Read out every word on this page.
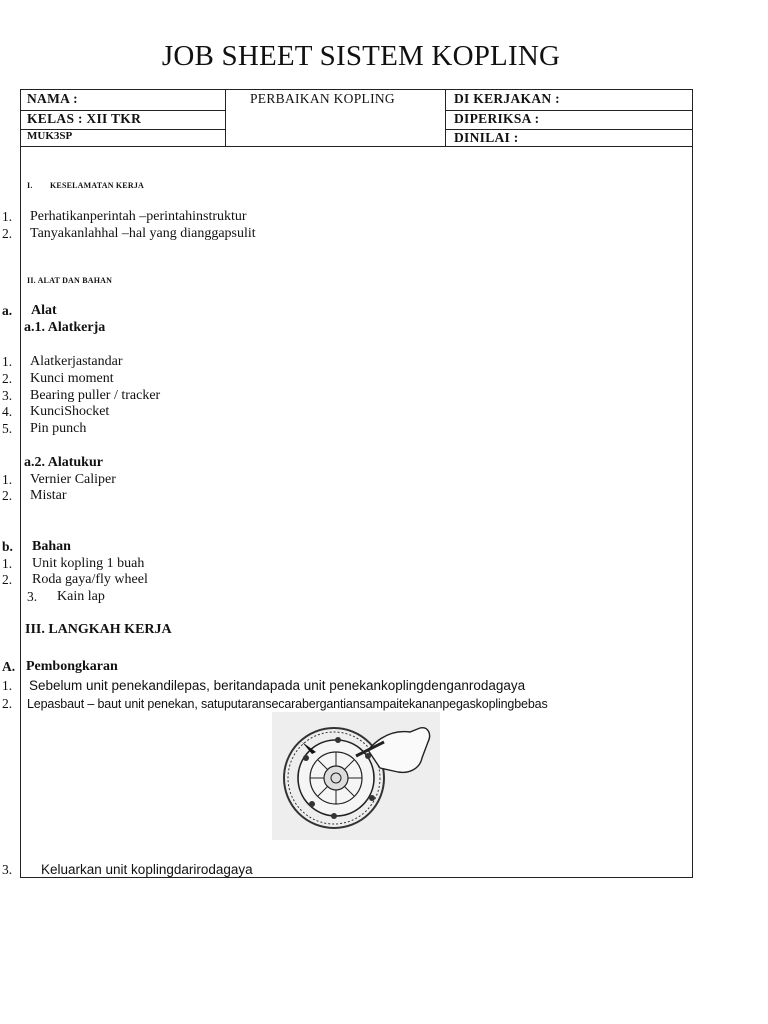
JOB SHEET SISTEM KOPLING
NAMA :	PERBAIKAN KOPLING	DI KERJAKAN :
KELAS : XII TKR	DIPERIKSA :
MUK3SP	DINILAI :
I. KESELAMATAN KERJA
1. Perhatikanperintah –perintahinstruktur
2. Tanyakanlahhal –hal yang dianggapsulit
II. ALAT DAN BAHAN
a. Alat
a.1. Alatkerja
1. Alatkerjastandar
2. Kunci moment
3. Bearing puller / tracker
4. KunciShocket
5. Pin punch
a.2. Alatukur
1. Vernier Caliper
2. Mistar
b. Bahan
1. Unit kopling 1 buah
2. Roda gaya/fly wheel
3. Kain lap
III. LANGKAH KERJA
A. Pembongkaran
1. Sebelum unit penekandilepas, beritandapada unit penekankoplingdenganrodagaya
2. Lepasbaut – baut unit penekan, satuputaransecarabergantiansampaitekananpegaskoplingbebas
3. Keluarkan unit koplingdarirodagaya
